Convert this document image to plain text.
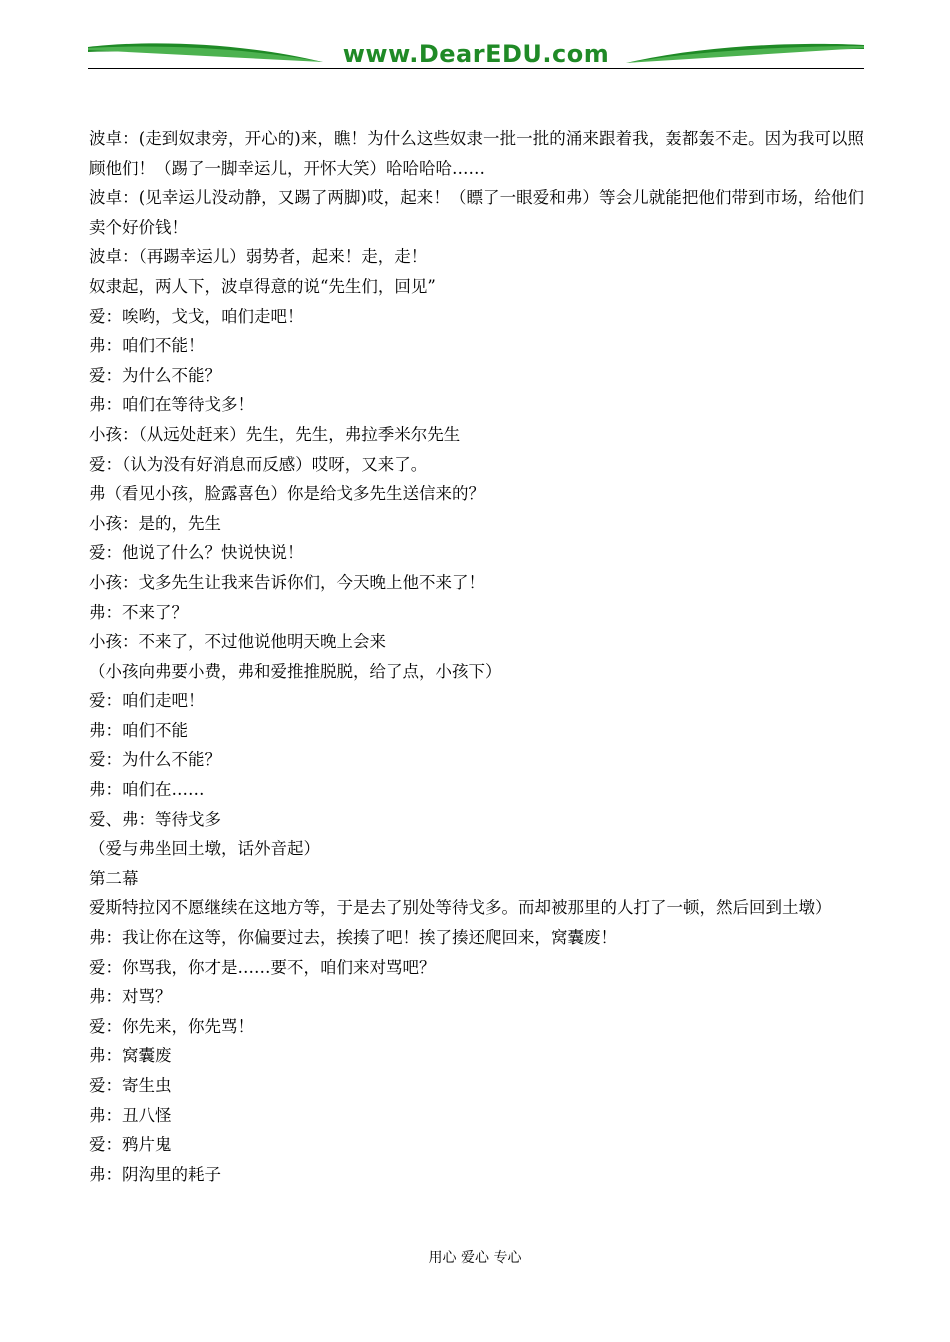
www.DearEDU.com

波卓：(走到奴隶旁，开心的)来，瞧！为什么这些奴隶一批一批的涌来跟着我，轰都轰不走。因为我可以照顾他们！（踢了一脚幸运儿，开怀大笑）哈哈哈哈……

波卓：(见幸运儿没动静，又踢了两脚)哎，起来！（瞟了一眼爱和弗）等会儿就能把他们带到市场，给他们卖个好价钱！

波卓：（再踢幸运儿）弱势者，起来！走，走！

奴隶起，两人下，波卓得意的说“先生们，回见”

爱：唉哟，戈戈，咱们走吧！

弗：咱们不能！

爱：为什么不能？

弗：咱们在等待戈多！

小孩：（从远处赶来）先生，先生，弗拉季米尔先生

爱：（认为没有好消息而反感）哎呀，又来了。

弗（看见小孩，脸露喜色）你是给戈多先生送信来的？

小孩：是的，先生

爱：他说了什么？快说快说！

小孩：戈多先生让我来告诉你们，今天晚上他不来了！

弗：不来了？

小孩：不来了，不过他说他明天晚上会来

（小孩向弗要小费，弗和爱推推脱脱，给了点，小孩下）

爱：咱们走吧！

弗：咱们不能

爱：为什么不能？

弗：咱们在……

爱、弗：等待戈多

（爱与弗坐回土墩，话外音起）

第二幕

爱斯特拉冈不愿继续在这地方等，于是去了别处等待戈多。而却被那里的人打了一顿，然后回到土墩）

弗：我让你在这等，你偏要过去，挨揍了吧！挨了揍还爬回来，窝囊废！

爱：你骂我，你才是……要不，咱们来对骂吧？

弗：对骂？

爱：你先来，你先骂！

弗：窝囊废

爱：寄生虫

弗：丑八怪

爱：鸦片鬼

弗：阴沟里的耗子

用心 爱心 专心
